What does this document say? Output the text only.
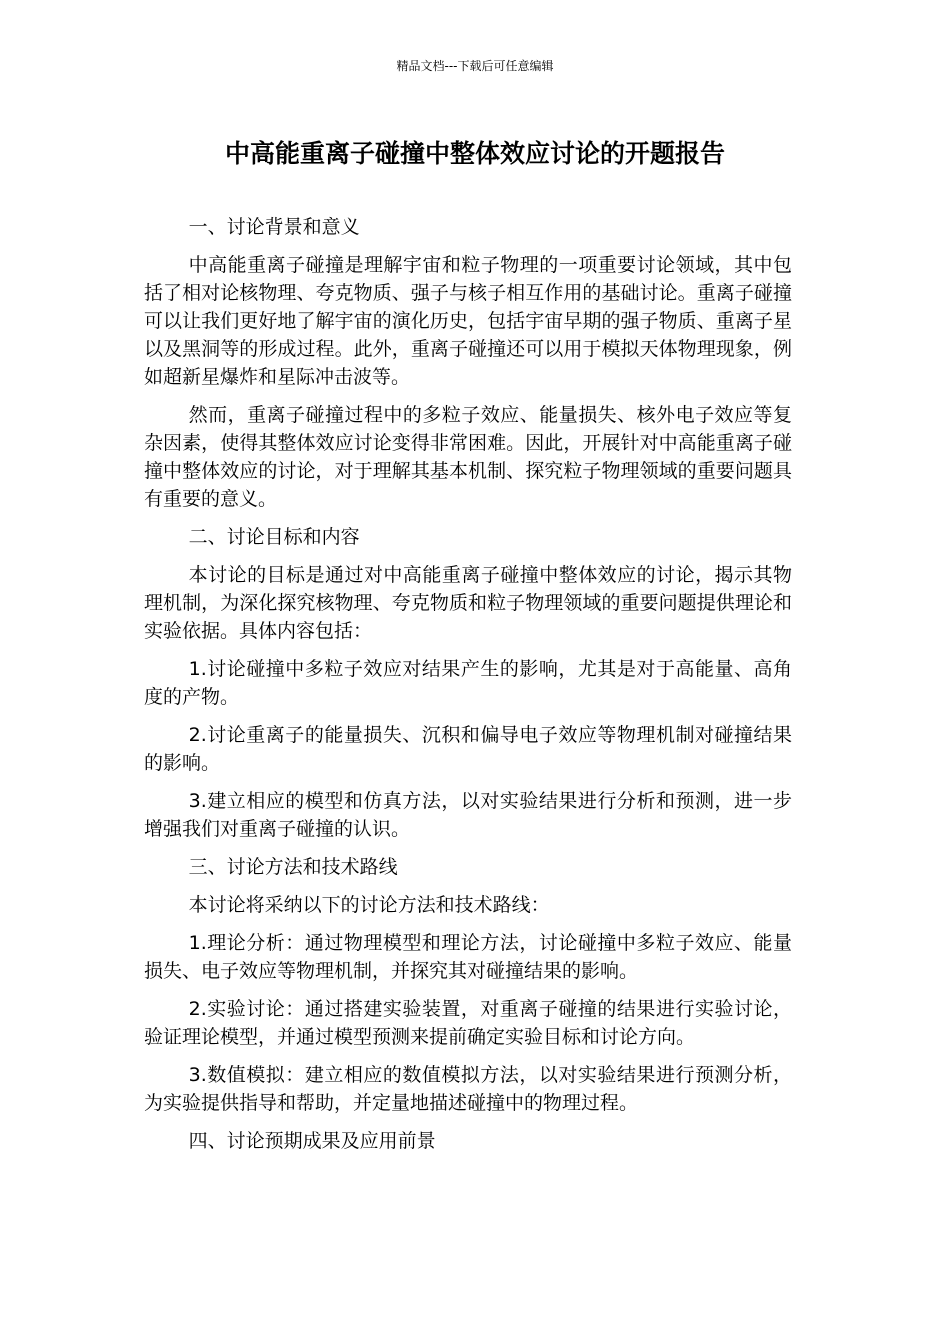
精品文档---下载后可任意编辑
中高能重离子碰撞中整体效应讨论的开题报告

一、讨论背景和意义

中高能重离子碰撞是理解宇宙和粒子物理的一项重要讨论领域，其中包括了相对论核物理、夸克物质、强子与核子相互作用的基础讨论。重离子碰撞可以让我们更好地了解宇宙的演化历史，包括宇宙早期的强子物质、重离子星以及黑洞等的形成过程。此外，重离子碰撞还可以用于模拟天体物理现象，例如超新星爆炸和星际冲击波等。

然而，重离子碰撞过程中的多粒子效应、能量损失、核外电子效应等复杂因素，使得其整体效应讨论变得非常困难。因此，开展针对中高能重离子碰撞中整体效应的讨论，对于理解其基本机制、探究粒子物理领域的重要问题具有重要的意义。

二、讨论目标和内容

本讨论的目标是通过对中高能重离子碰撞中整体效应的讨论，揭示其物理机制，为深化探究核物理、夸克物质和粒子物理领域的重要问题提供理论和实验依据。具体内容包括：

1.讨论碰撞中多粒子效应对结果产生的影响，尤其是对于高能量、高角度的产物。

2.讨论重离子的能量损失、沉积和偏导电子效应等物理机制对碰撞结果的影响。

3.建立相应的模型和仿真方法，以对实验结果进行分析和预测，进一步增强我们对重离子碰撞的认识。

三、讨论方法和技术路线

本讨论将采纳以下的讨论方法和技术路线：

1.理论分析：通过物理模型和理论方法，讨论碰撞中多粒子效应、能量损失、电子效应等物理机制，并探究其对碰撞结果的影响。

2.实验讨论：通过搭建实验装置，对重离子碰撞的结果进行实验讨论，验证理论模型，并通过模型预测来提前确定实验目标和讨论方向。

3.数值模拟：建立相应的数值模拟方法，以对实验结果进行预测分析，为实验提供指导和帮助，并定量地描述碰撞中的物理过程。

四、讨论预期成果及应用前景
